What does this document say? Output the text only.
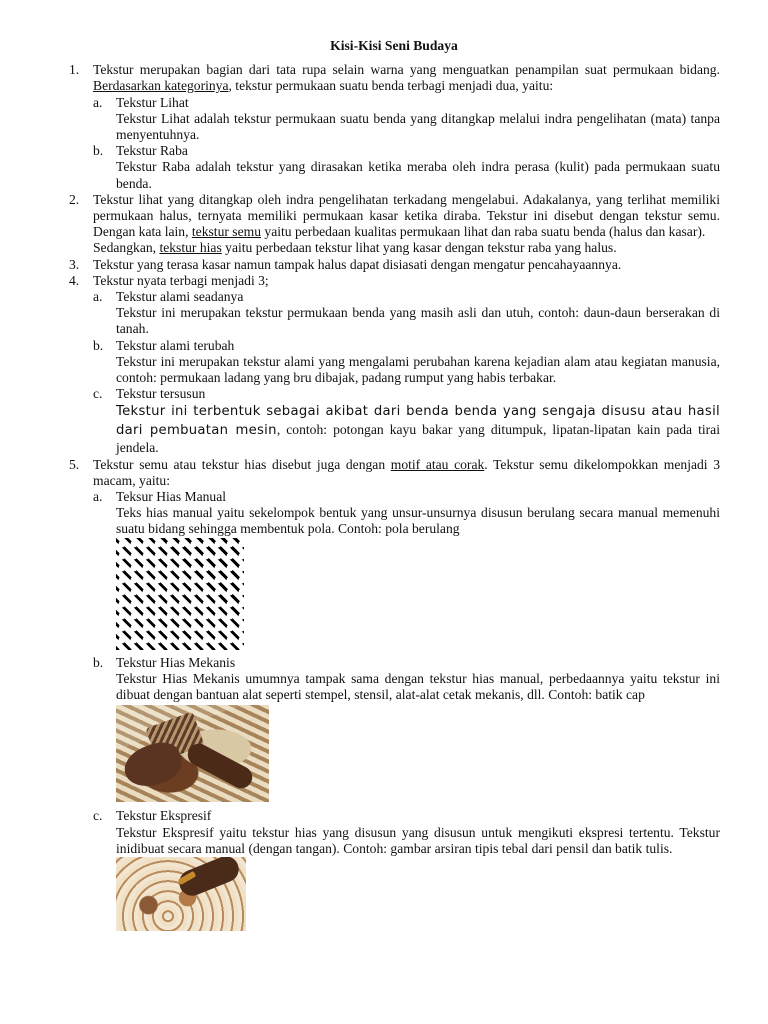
Kisi-Kisi Seni Budaya
1. Tekstur merupakan bagian dari tata rupa selain warna yang menguatkan penampilan suat permukaan bidang. Berdasarkan kategorinya, tekstur permukaan suatu benda terbagi menjadi dua, yaitu:

a. Tekstur Lihat

Tekstur Lihat adalah tekstur permukaan suatu benda yang ditangkap melalui indra pengelihatan (mata) tanpa menyentuhnya.

b. Tekstur Raba

Tekstur Raba adalah tekstur yang dirasakan ketika meraba oleh indra perasa (kulit) pada permukaan suatu benda.

2. Tekstur lihat yang ditangkap oleh indra pengelihatan terkadang mengelabui. Adakalanya, yang terlihat memiliki permukaan halus, ternyata memiliki permukaan kasar ketika diraba. Tekstur ini disebut dengan tekstur semu. Dengan kata lain, tekstur semu yaitu perbedaan kualitas permukaan lihat dan raba suatu benda (halus dan kasar).

Sedangkan, tekstur hias yaitu perbedaan tekstur lihat yang kasar dengan tekstur raba yang halus.

3. Tekstur yang terasa kasar namun tampak halus dapat disiasati dengan mengatur pencahayaannya.

4. Tekstur nyata terbagi menjadi 3;

a. Tekstur alami seadanya

Tekstur ini merupakan tekstur permukaan benda yang masih asli dan utuh, contoh: daun-daun berserakan di tanah.

b. Tekstur alami terubah

Tekstur ini merupakan tekstur alami yang mengalami perubahan karena kejadian alam atau kegiatan manusia, contoh: permukaan ladang yang bru dibajak, padang rumput yang habis terbakar.

c. Tekstur tersusun

Tekstur ini terbentuk sebagai akibat dari benda benda yang sengaja disusu atau hasil dari pembuatan mesin, contoh: potongan kayu bakar yang ditumpuk, lipatan-lipatan kain pada tirai jendela.

5. Tekstur semu atau tekstur hias disebut juga dengan motif atau corak. Tekstur semu dikelompokkan menjadi 3 macam, yaitu:

a. Teksur Hias Manual

Teks hias manual yaitu sekelompok bentuk yang unsur-unsurnya disusun berulang secara manual memenuhi suatu bidang sehingga membentuk pola. Contoh: pola berulang

b. Tekstur Hias Mekanis

Tekstur Hias Mekanis umumnya tampak sama dengan tekstur hias manual, perbedaannya yaitu tekstur ini dibuat dengan bantuan alat seperti stempel, stensil, alat-alat cetak mekanis, dll. Contoh: batik cap

c. Tekstur Ekspresif

Tekstur Ekspresif yaitu tekstur hias yang disusun yang disusun untuk mengikuti ekspresi tertentu. Tekstur inidibuat secara manual (dengan tangan). Contoh: gambar arsiran tipis tebal dari pensil dan batik tulis.
